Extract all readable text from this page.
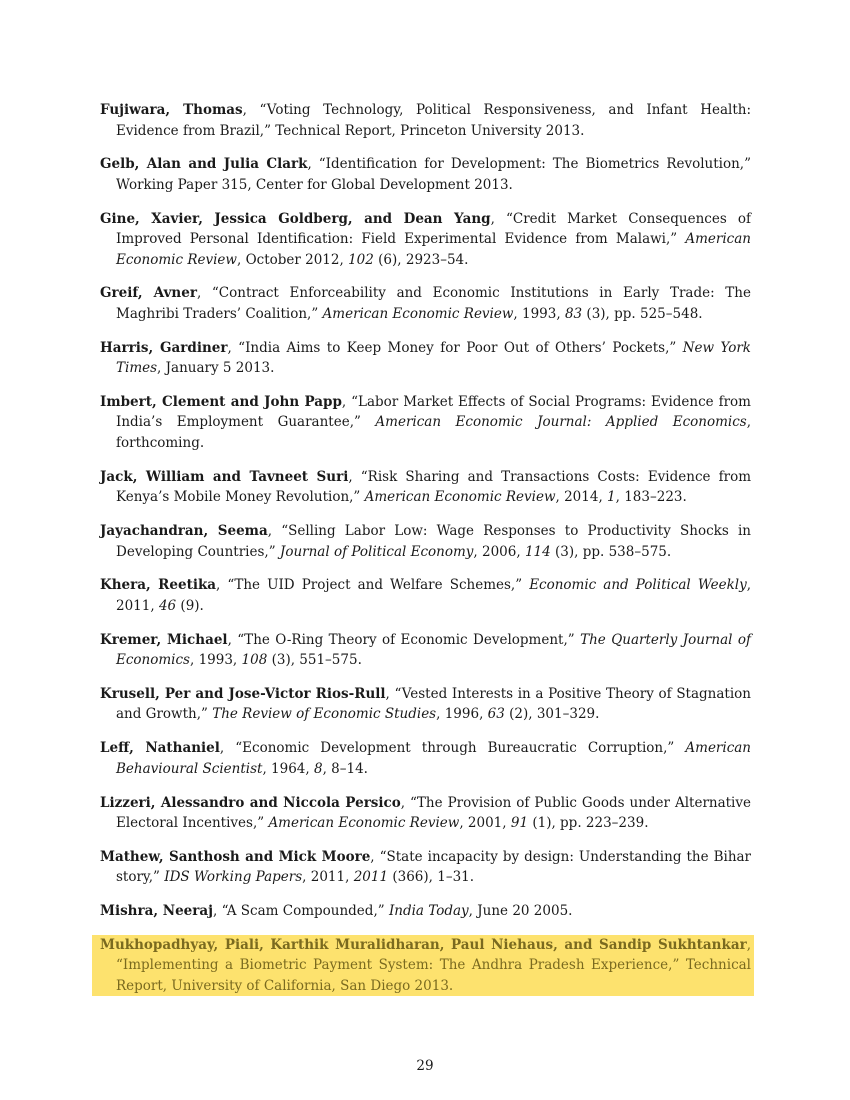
Fujiwara, Thomas, “Voting Technology, Political Responsiveness, and Infant Health: Evidence from Brazil,” Technical Report, Princeton University 2013.
Gelb, Alan and Julia Clark, “Identification for Development: The Biometrics Revolution,” Working Paper 315, Center for Global Development 2013.
Gine, Xavier, Jessica Goldberg, and Dean Yang, “Credit Market Consequences of Improved Personal Identification: Field Experimental Evidence from Malawi,” American Economic Review, October 2012, 102 (6), 2923–54.
Greif, Avner, “Contract Enforceability and Economic Institutions in Early Trade: The Maghribi Traders’ Coalition,” American Economic Review, 1993, 83 (3), pp. 525–548.
Harris, Gardiner, “India Aims to Keep Money for Poor Out of Others’ Pockets,” New York Times, January 5 2013.
Imbert, Clement and John Papp, “Labor Market Effects of Social Programs: Evidence from India’s Employment Guarantee,” American Economic Journal: Applied Economics, forthcoming.
Jack, William and Tavneet Suri, “Risk Sharing and Transactions Costs: Evidence from Kenya’s Mobile Money Revolution,” American Economic Review, 2014, 1, 183–223.
Jayachandran, Seema, “Selling Labor Low: Wage Responses to Productivity Shocks in Developing Countries,” Journal of Political Economy, 2006, 114 (3), pp. 538–575.
Khera, Reetika, “The UID Project and Welfare Schemes,” Economic and Political Weekly, 2011, 46 (9).
Kremer, Michael, “The O-Ring Theory of Economic Development,” The Quarterly Journal of Economics, 1993, 108 (3), 551–575.
Krusell, Per and Jose-Victor Rios-Rull, “Vested Interests in a Positive Theory of Stagnation and Growth,” The Review of Economic Studies, 1996, 63 (2), 301–329.
Leff, Nathaniel, “Economic Development through Bureaucratic Corruption,” American Behavioural Scientist, 1964, 8, 8–14.
Lizzeri, Alessandro and Niccola Persico, “The Provision of Public Goods under Alternative Electoral Incentives,” American Economic Review, 2001, 91 (1), pp. 223–239.
Mathew, Santhosh and Mick Moore, “State incapacity by design: Understanding the Bihar story,” IDS Working Papers, 2011, 2011 (366), 1–31.
Mishra, Neeraj, “A Scam Compounded,” India Today, June 20 2005.
Mukhopadhyay, Piali, Karthik Muralidharan, Paul Niehaus, and Sandip Sukhtankar, “Implementing a Biometric Payment System: The Andhra Pradesh Experience,” Technical Report, University of California, San Diego 2013.
29
